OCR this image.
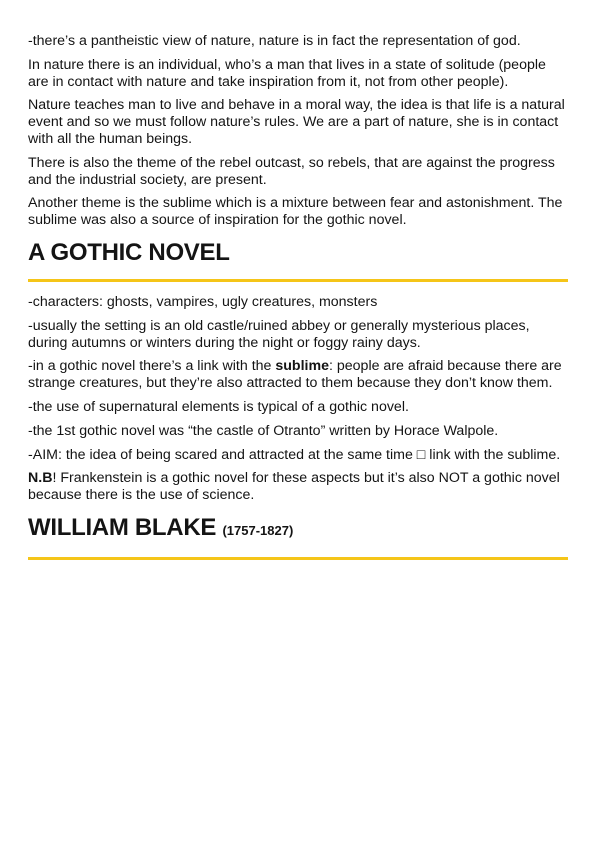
-there’s a pantheistic view of nature, nature is in fact the representation of god.

In nature there is an individual, who’s a man that lives in a state of solitude (people are in contact with nature and take inspiration from it, not from other people).

Nature teaches man to live and behave in a moral way, the idea is that life is a natural event and so we must follow nature’s rules. We are a part of nature, she is in contact with all the human beings.

There is also the theme of the rebel outcast, so rebels, that are against the progress and the industrial society, are present.

Another theme is the sublime which is a mixture between fear and astonishment. The sublime was also a source of inspiration for the gothic novel.

A GOTHIC NOVEL

-characters: ghosts, vampires, ugly creatures, monsters

-usually the setting is an old castle/ruined abbey or generally mysterious places, during autumns or winters during the night or foggy rainy days.

-in a gothic novel there’s a link with the sublime: people are afraid because there are strange creatures, but they’re also attracted to them because they don’t know them.

-the use of supernatural elements is typical of a gothic novel.

-the 1st gothic novel was “the castle of Otranto” written by Horace Walpole.

-AIM: the idea of being scared and attracted at the same time □ link with the sublime.

N.B! Frankenstein is a gothic novel for these aspects but it’s also NOT a gothic novel because there is the use of science.

WILLIAM BLAKE (1757-1827)
